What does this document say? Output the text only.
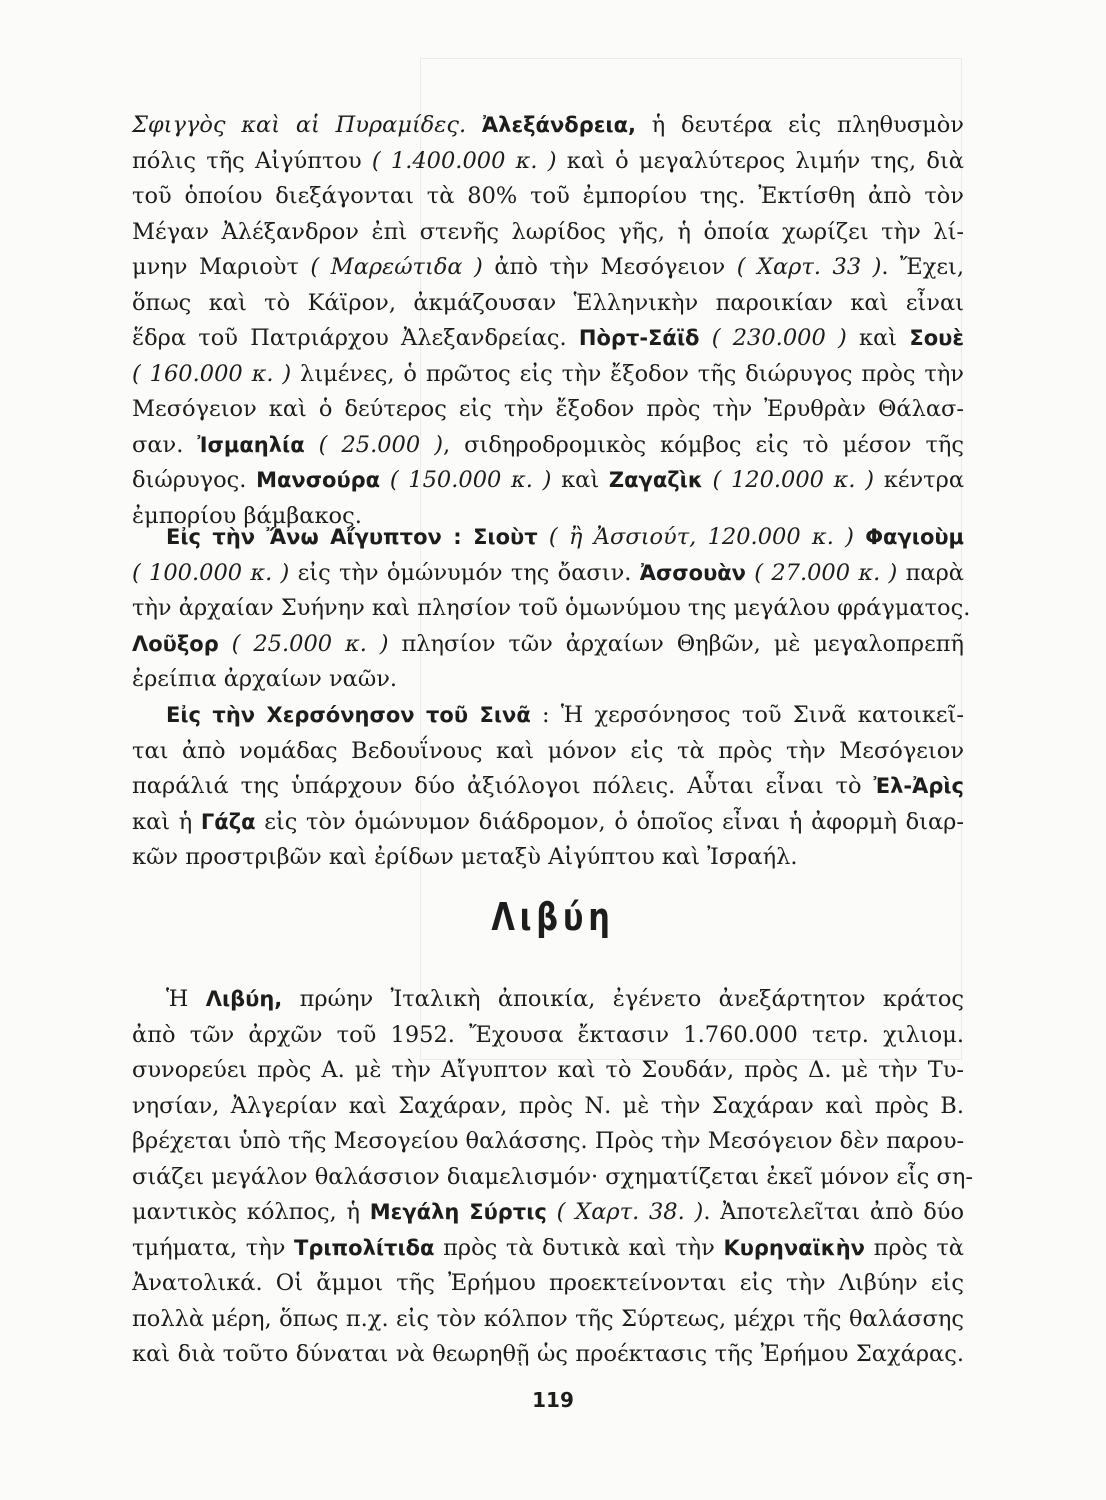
Σφιγγὸς καὶ αἱ Πυραμίδες. Ἀλεξάνδρεια, ἡ δευτέρα εἰς πληθυσμὸν
πόλις τῆς Αἰγύπτου ( 1.400.000 κ. ) καὶ ὁ μεγαλύτερος λιμήν της, διὰ
τοῦ ὁποίου διεξάγονται τὰ 80% τοῦ ἐμπορίου της. Ἐκτίσθη ἀπὸ τὸν
Μέγαν Ἀλέξανδρον ἐπὶ στενῆς λωρίδος γῆς, ἡ ὁποία χωρίζει τὴν λί-
μνην Μαριοὺτ ( Μαρεώτιδα ) ἀπὸ τὴν Μεσόγειον ( Χαρτ. 33 ). Ἔχει,
ὅπως καὶ τὸ Κάϊρον, ἀκμάζουσαν Ἑλληνικὴν παροικίαν καὶ εἶναι
ἕδρα τοῦ Πατριάρχου Ἀλεξανδρείας. Πὸρτ-Σάϊδ ( 230.000 ) καὶ Σουὲ
( 160.000 κ. ) λιμένες, ὁ πρῶτος εἰς τὴν ἔξοδον τῆς διώρυγος πρὸς τὴν
Μεσόγειον καὶ ὁ δεύτερος εἰς τὴν ἔξοδον πρὸς τὴν Ἐρυθρὰν Θάλασ-
σαν. Ἰσμαηλία ( 25.000 ), σιδηροδρομικὸς κόμβος εἰς τὸ μέσον τῆς
διώρυγος. Μανσούρα ( 150.000 κ. ) καὶ Ζαγαζὶκ ( 120.000 κ. ) κέντρα
ἐμπορίου βάμβακος.
Εἰς τὴν Ἄνω Αἴγυπτον : Σιοὺτ ( ἢ Ἀσσιούτ, 120.000 κ. ) Φαγιοὺμ
( 100.000 κ. ) εἰς τὴν ὁμώνυμόν της ὄασιν. Ἀσσουὰν ( 27.000 κ. ) παρὰ
τὴν ἀρχαίαν Συήνην καὶ πλησίον τοῦ ὁμωνύμου της μεγάλου φράγματος.
Λοῦξορ ( 25.000 κ. ) πλησίον τῶν ἀρχαίων Θηβῶν, μὲ μεγαλοπρεπῆ
ἐρείπια ἀρχαίων ναῶν.
Εἰς τὴν Χερσόνησον τοῦ Σινᾶ : Ἡ χερσόνησος τοῦ Σινᾶ κατοικεῖ-
ται ἀπὸ νομάδας Βεδουΐνους καὶ μόνον εἰς τὰ πρὸς τὴν Μεσόγειον
παράλιά της ὑπάρχουν δύο ἀξιόλογοι πόλεις. Αὗται εἶναι τὸ Ἐλ-Ἀρὶς
καὶ ἡ Γάζα εἰς τὸν ὁμώνυμον διάδρομον, ὁ ὁποῖος εἶναι ἡ ἀφορμὴ διαρ-
κῶν προστριβῶν καὶ ἐρίδων μεταξὺ Αἰγύπτου καὶ Ἰσραήλ.
Λιβύη
Ἡ Λιβύη, πρώην Ἰταλικὴ ἀποικία, ἐγένετο ἀνεξάρτητον κράτος
ἀπὸ τῶν ἀρχῶν τοῦ 1952. Ἔχουσα ἔκτασιν 1.760.000 τετρ. χιλιομ.
συνορεύει πρὸς Α. μὲ τὴν Αἴγυπτον καὶ τὸ Σουδάν, πρὸς Δ. μὲ τὴν Τυ-
νησίαν, Ἀλγερίαν καὶ Σαχάραν, πρὸς Ν. μὲ τὴν Σαχάραν καὶ πρὸς Β.
βρέχεται ὑπὸ τῆς Μεσογείου θαλάσσης. Πρὸς τὴν Μεσόγειον δὲν παρου-
σιάζει μεγάλον θαλάσσιον διαμελισμόν· σχηματίζεται ἐκεῖ μόνον εἷς ση-
μαντικὸς κόλπος, ἡ Μεγάλη Σύρτις ( Χαρτ. 38. ). Ἀποτελεῖται ἀπὸ δύο
τμήματα, τὴν Τριπολίτιδα πρὸς τὰ δυτικὰ καὶ τὴν Κυρηναϊκὴν πρὸς τὰ
Ἀνατολικά. Οἱ ἄμμοι τῆς Ἐρήμου προεκτείνονται εἰς τὴν Λιβύην εἰς
πολλὰ μέρη, ὅπως π.χ. εἰς τὸν κόλπον τῆς Σύρτεως, μέχρι τῆς θαλάσσης
καὶ διὰ τοῦτο δύναται νὰ θεωρηθῇ ὡς προέκτασις τῆς Ἐρήμου Σαχάρας.
119
